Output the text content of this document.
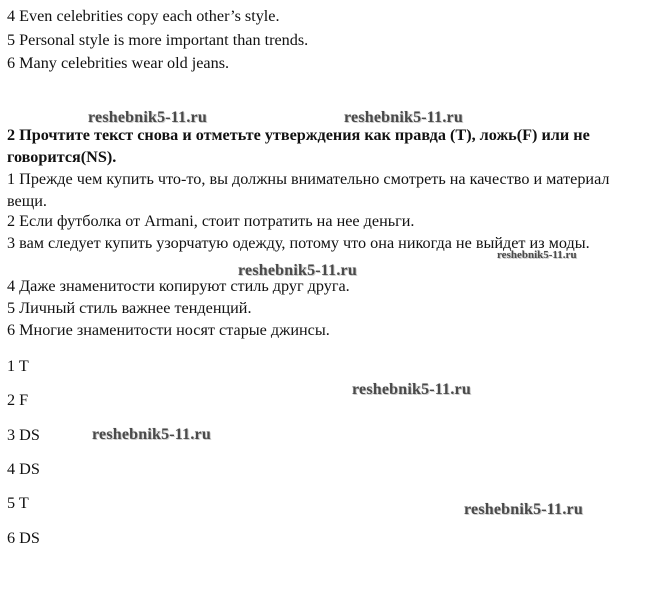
4 Even celebrities copy each other’s style.

5 Personal style is more important than trends.

6 Many celebrities wear old jeans.

reshebnik5-11.ru	reshebnik5-11.ru

2 Прочтите текст снова и отметьте утверждения как правда (T), ложь(F) или не говорится(NS).

1 Прежде чем купить что-то, вы должны внимательно смотреть на качество и материал вещи.

2 Если футболка от Armani, стоит потратить на нее деньги.

3 вам следует купить узорчатую одежду, потому что она никогда не выйдет из моды.

4 Даже знаменитости копируют стиль друг друга.

5 Личный стиль важнее тенденций.

6 Многие знаменитости носят старые джинсы.

reshebnik5-11.ru
reshebnik5-11.ru
1 T
2 F
3 DS
4 DS
5 T
6 DS
reshebnik5-11.ru
reshebnik5-11.ru
reshebnik5-11.ru
